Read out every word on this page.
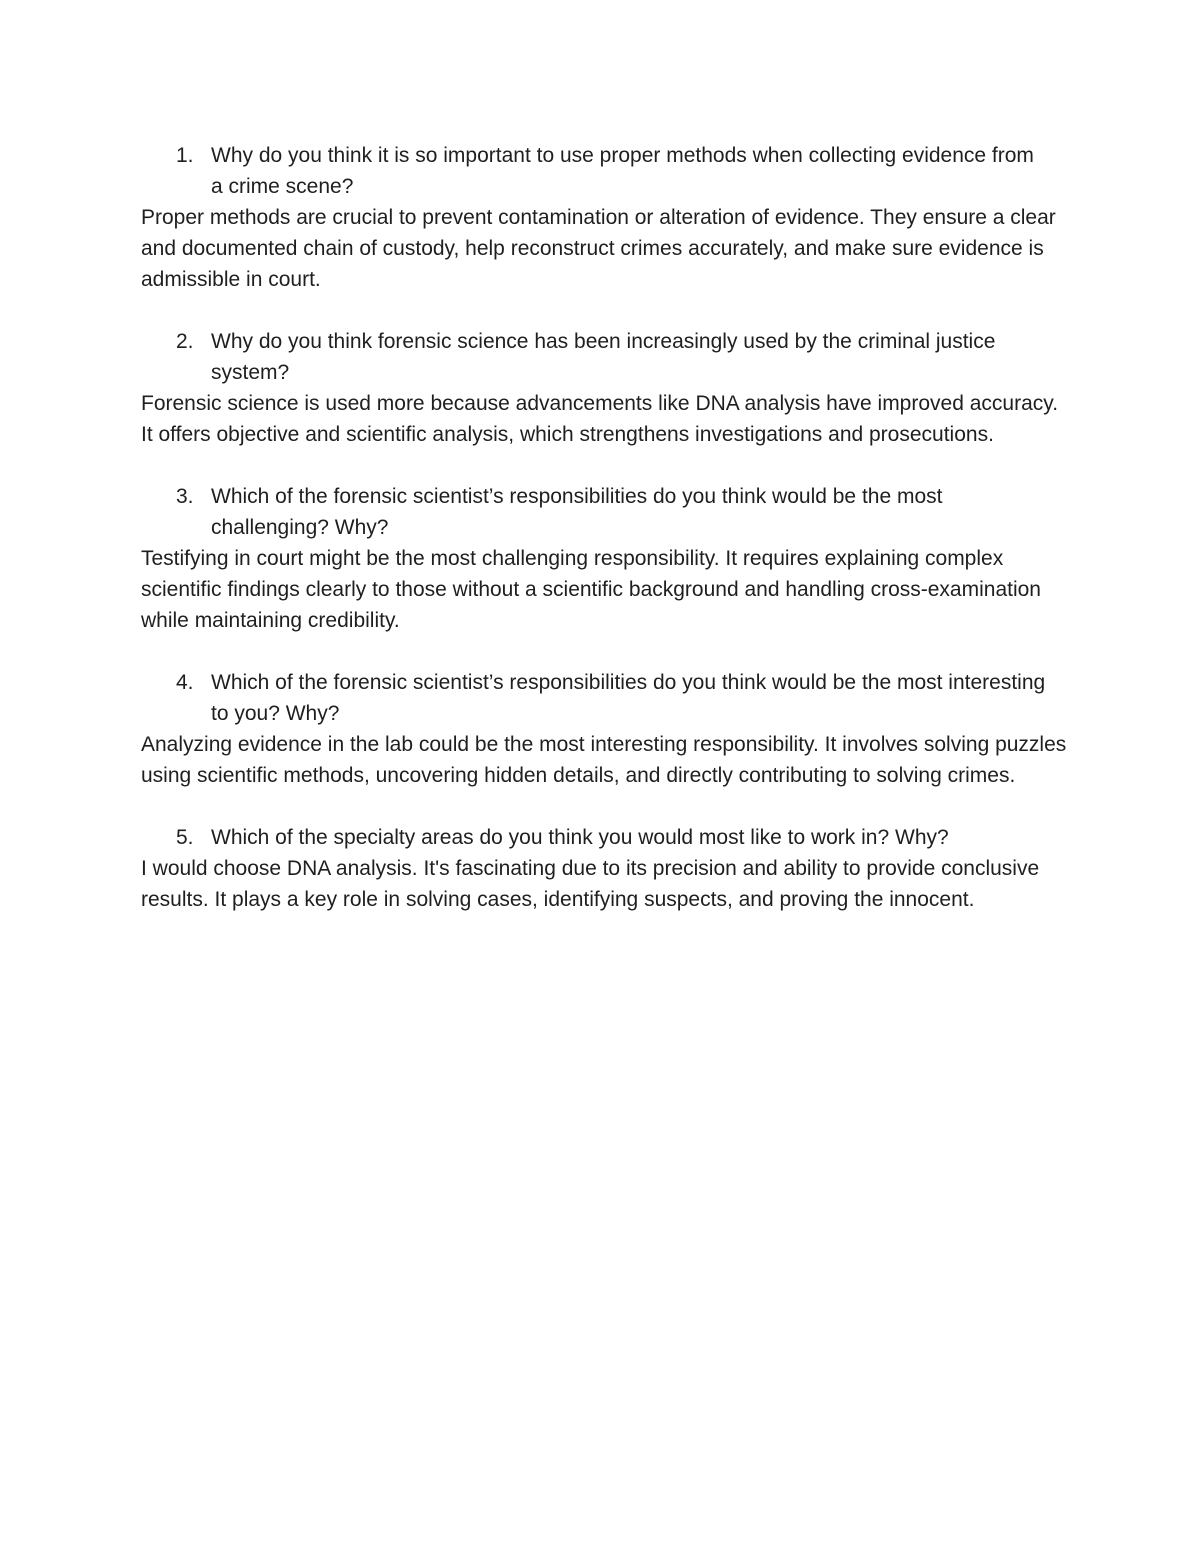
1. Why do you think it is so important to use proper methods when collecting evidence from a crime scene?

Proper methods are crucial to prevent contamination or alteration of evidence. They ensure a clear and documented chain of custody, help reconstruct crimes accurately, and make sure evidence is admissible in court.

2. Why do you think forensic science has been increasingly used by the criminal justice system?

Forensic science is used more because advancements like DNA analysis have improved accuracy. It offers objective and scientific analysis, which strengthens investigations and prosecutions.

3. Which of the forensic scientist’s responsibilities do you think would be the most challenging? Why?

Testifying in court might be the most challenging responsibility. It requires explaining complex scientific findings clearly to those without a scientific background and handling cross-examination while maintaining credibility.

4. Which of the forensic scientist’s responsibilities do you think would be the most interesting to you? Why?

Analyzing evidence in the lab could be the most interesting responsibility. It involves solving puzzles using scientific methods, uncovering hidden details, and directly contributing to solving crimes.

5. Which of the specialty areas do you think you would most like to work in? Why?

I would choose DNA analysis. It's fascinating due to its precision and ability to provide conclusive results. It plays a key role in solving cases, identifying suspects, and proving the innocent.
